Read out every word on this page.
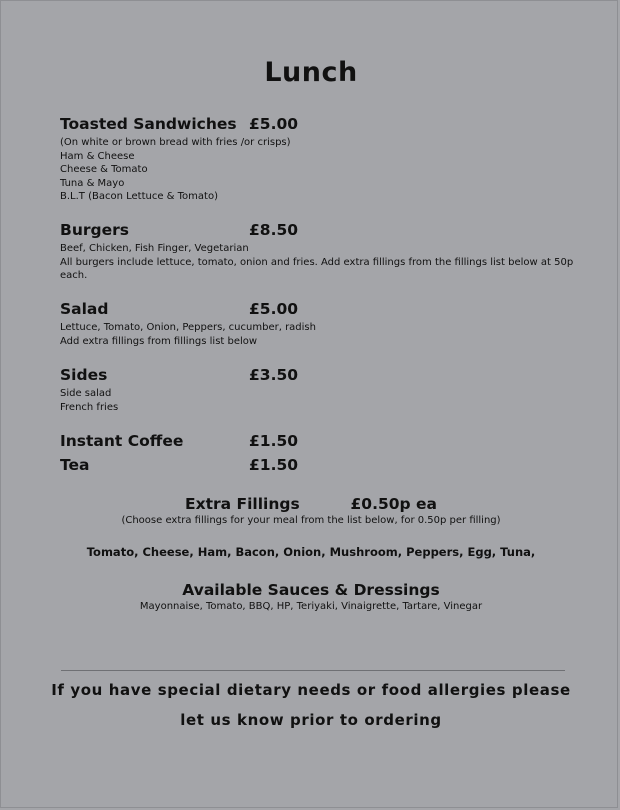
Lunch
Toasted Sandwiches £5.00
(On white or brown bread with fries /or crisps)
Ham & Cheese
Cheese & Tomato
Tuna & Mayo
B.L.T (Bacon Lettuce & Tomato)
Burgers	£8.50
Beef, Chicken, Fish Finger, Vegetarian
All burgers include lettuce, tomato, onion and fries. Add extra fillings from the fillings list below at 50p each.
Salad	£5.00
Lettuce, Tomato, Onion, Peppers, cucumber, radish
Add extra fillings from fillings list below
Sides	£3.50
Side salad
French fries
Instant Coffee	£1.50
Tea	£1.50
Extra Fillings	£0.50p ea
(Choose extra fillings for your meal from the list below, for 0.50p per filling)
Tomato, Cheese, Ham, Bacon, Onion, Mushroom, Peppers, Egg, Tuna,
Available Sauces & Dressings
Mayonnaise, Tomato, BBQ, HP, Teriyaki, Vinaigrette, Tartare, Vinegar
If you have special dietary needs or food allergies please
let us know prior to ordering
